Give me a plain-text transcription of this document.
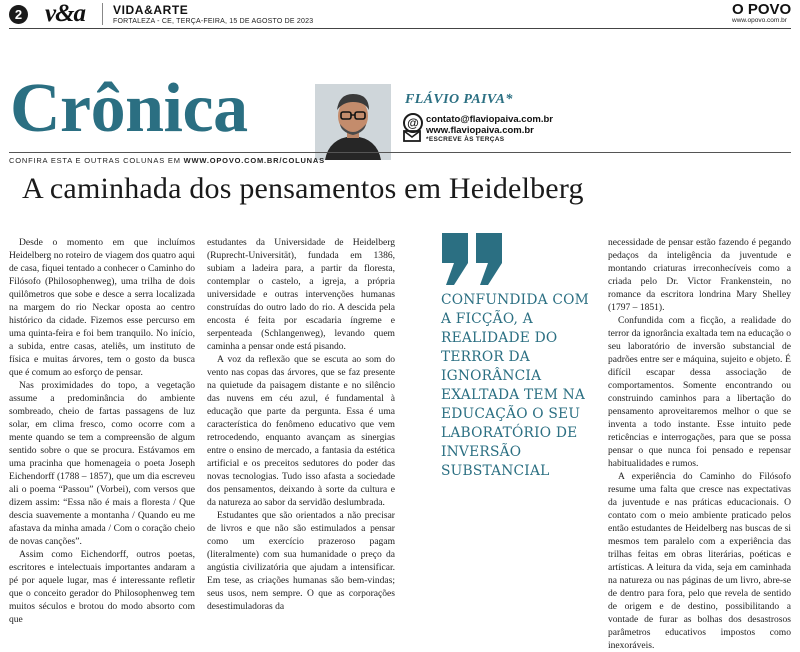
2 v&a VIDA&ARTE
FORTALEZA - CE, TERÇA-FEIRA, 15 DE AGOSTO DE 2023
O POVO
www.opovo.com.br
Crônica	FLÁVIO PAIVA*
@ contato@flaviopaiva.com.br
www.flaviopaiva.com.br
*ESCREVE ÀS TERÇAS
CONFIRA ESTA E OUTRAS COLUNAS EM WWW.OPOVO.COM.BR/COLUNAS
A caminhada dos pensamentos em Heidelberg

Desde o momento em que incluímos Heidelberg no roteiro de viagem dos quatro aqui de casa, fiquei tentado a conhecer o Caminho do Filósofo (Philosophenweg), uma trilha de dois quilômetros que sobe e desce a serra localizada na margem do rio Neckar oposta ao centro histórico da cidade. Fizemos esse percurso em uma quinta-feira e foi bem tranquilo. No início, a subida, entre casas, ateliês, um instituto de física e muitas árvores, tem o gosto da busca que é comum ao esforço de pensar.

Nas proximidades do topo, a vegetação assume a predominância do ambiente sombreado, cheio de fartas passagens de luz solar, em clima fresco, como ocorre com a mente quando se tem a compreensão de algum sentido sobre o que se procura. Estávamos em uma pracinha que homenageia o poeta Joseph Eichendorff (1788 – 1857), que um dia escreveu ali o poema “Passou” (Vorbei), com versos que dizem assim: “Essa não é mais a floresta / Que descia suavemente a montanha / Quando eu me afastava da minha amada / Com o coração cheio de novas canções”.

Assim como Eichendorff, outros poetas, escritores e intelectuais importantes andaram a pé por aquele lugar, mas é interessante refletir que o conceito gerador do Philosophenweg tem muitos séculos e brotou do modo absorto com que

estudantes da Universidade de Heidelberg (Ruprecht-Universität), fundada em 1386, subiam a ladeira para, a partir da floresta, contemplar o castelo, a igreja, a própria universidade e outras intervenções humanas construídas do outro lado do rio. A descida pela encosta é feita por escadaria íngreme e serpenteada (Schlangenweg), levando quem caminha a pensar onde está pisando.

A voz da reflexão que se escuta ao som do vento nas copas das árvores, que se faz presente na quietude da paisagem distante e no silêncio das nuvens em céu azul, é fundamental à educação que parte da pergunta. Essa é uma característica do fenômeno educativo que vem retrocedendo, enquanto avançam as sinergias entre o ensino de mercado, a fantasia da estética artificial e os preceitos sedutores do poder das novas tecnologias. Tudo isso afasta a sociedade dos pensamentos, deixando à sorte da cultura e da natureza ao sabor da servidão deslumbrada.

Estudantes que são orientados a não precisar de livros e que não são estimulados a pensar como um exercício prazeroso pagam (literalmente) com sua humanidade o preço da angústia civilizatória que ajudam a intensificar. Em tese, as criações humanas são bem-vindas; seus usos, nem sempre. O que as corporações desestimuladoras da

CONFUNDIDA COM A FICÇÃO, A REALIDADE DO TERROR DA IGNORÂNCIA EXALTADA TEM NA EDUCAÇÃO O SEU LABORATÓRIO DE INVERSÃO SUBSTANCIAL

necessidade de pensar estão fazendo é pegando pedaços da inteligência da juventude e montando criaturas irreconhecíveis como a criada pelo Dr. Victor Frankenstein, no romance da escritora londrina Mary Shelley (1797 – 1851).

Confundida com a ficção, a realidade do terror da ignorância exaltada tem na educação o seu laboratório de inversão substancial de padrões entre ser e máquina, sujeito e objeto. É difícil escapar dessa associação de comportamentos. Somente encontrando ou construindo caminhos para a libertação do pensamento aproveitaremos melhor o que se inventa a todo instante. Esse intuito pede reticências e interrogações, para que se possa pensar o que nunca foi pensado e repensar habitualidades e rumos.

A experiência do Caminho do Filósofo resume uma falta que cresce nas expectativas da juventude e nas práticas educacionais. O contato com o meio ambiente praticado pelos então estudantes de Heidelberg nas buscas de si mesmos tem paralelo com a experiência das trilhas feitas em obras literárias, poéticas e artísticas. A leitura da vida, seja em caminhada na natureza ou nas páginas de um livro, abre-se de dentro para fora, pelo que revela de sentido de origem e de destino, possibilitando a vontade de furar as bolhas dos desastrosos parâmetros educativos impostos como inexoráveis.
